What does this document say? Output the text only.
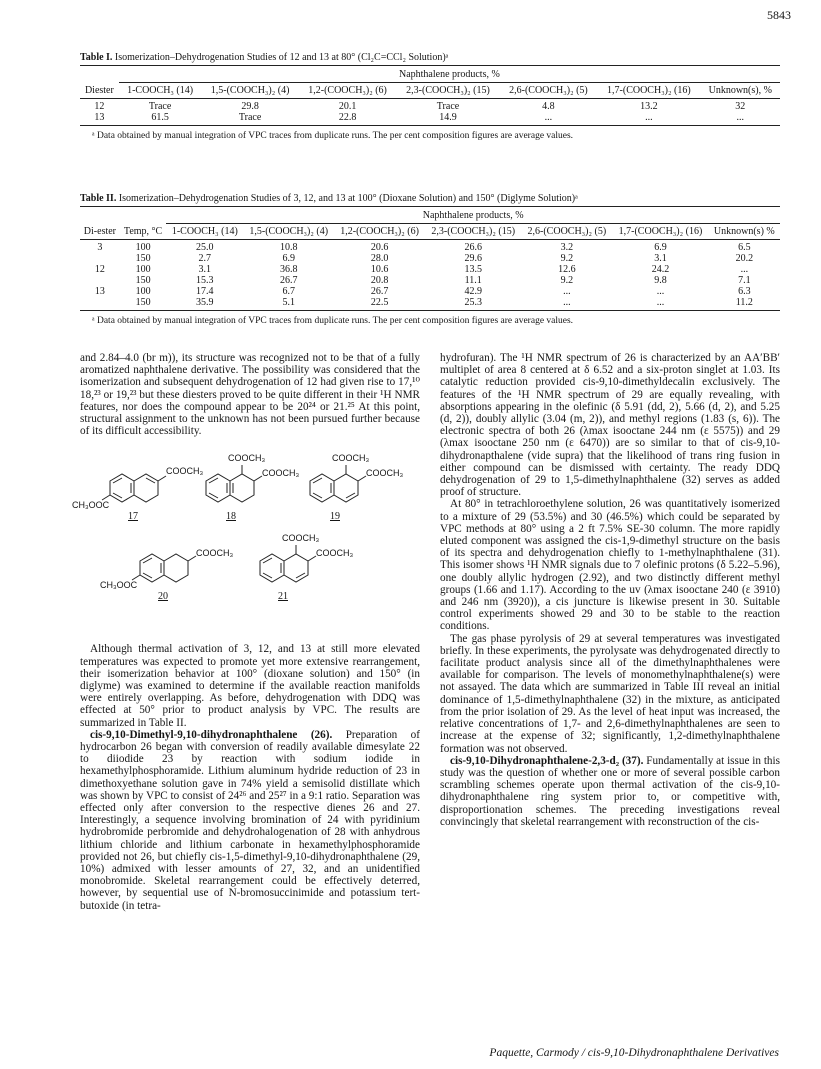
5843
Table I. Isomerization–Dehydrogenation Studies of 12 and 13 at 80° (Cl₂C=CCl₂ Solution)ᵃ
	Naphthalene products, %						
Diester	1-COOCH₃ (14)	1,5-(COOCH₃)₂ (4)	1,2-(COOCH₃)₂ (6)	2,3-(COOCH₃)₂ (15)	2,6-(COOCH₃)₂ (5)	1,7-(COOCH₃)₂ (16)	Unknown(s), %
12	Trace	29.8	20.1	Trace	4.8	13.2	32
13	61.5	Trace	22.8	14.9	...	...	...
ᵃ Data obtained by manual integration of VPC traces from duplicate runs. The per cent composition figures are average values.
Table II. Isomerization–Dehydrogenation Studies of 3, 12, and 13 at 100° (Dioxane Solution) and 150° (Diglyme Solution)ᵃ
		Naphthalene products, %						
Di-ester	Temp, °C	1-COOCH₃ (14)	1,5-(COOCH₃)₂ (4)	1,2-(COOCH₃)₂ (6)	2,3-(COOCH₃)₂ (15)	2,6-(COOCH₃)₂ (5)	1,7-(COOCH₃)₂ (16)	Unknown(s) %
3	100	25.0	10.8	20.6	26.6	3.2	6.9	6.5
	150	2.7	6.9	28.0	29.6	9.2	3.1	20.2
12	100	3.1	36.8	10.6	13.5	12.6	24.2	...
	150	15.3	26.7	20.8	11.1	9.2	9.8	7.1
13	100	17.4	6.7	26.7	42.9	...	...	6.3
	150	35.9	5.1	22.5	25.3	...	...	11.2
ᵃ Data obtained by manual integration of VPC traces from duplicate runs. The per cent composition figures are average values.

and 2.84–4.0 (br m)), its structure was recognized not to be that of a fully aromatized naphthalene derivative. The possibility was considered that the isomerization and subsequent dehydrogenation of 12 had given rise to 17,¹⁰ 18,²³ or 19,²³ but these diesters proved to be quite different in their ¹H NMR features, nor does the compound appear to be 20²⁴ or 21.²⁵ At this point, structural assignment to the unknown has not been pursued further because of its difficult accessibility.

COOCH₃
CH₃OOC
COOCH₃
COOCH₃
COOCH₃
COOCH₃
COOCH₃
CH₃OOC
COOCH₃
COOCH₃
17	18	19
20	21

Although thermal activation of 3, 12, and 13 at still more elevated temperatures was expected to promote yet more extensive rearrangement, their isomerization behavior at 100° (dioxane solution) and 150° (in diglyme) was examined to determine if the available reaction manifolds were entirely overlapping. As before, dehydrogenation with DDQ was effected at 50° prior to product analysis by VPC. The results are summarized in Table II.

cis-9,10-Dimethyl-9,10-dihydronaphthalene (26). Preparation of hydrocarbon 26 began with conversion of readily available dimesylate 22 to diiodide 23 by reaction with sodium iodide in hexamethylphosphoramide. Lithium aluminum hydride reduction of 23 in dimethoxyethane solution gave in 74% yield a semisolid distillate which was shown by VPC to consist of 24²⁶ and 25²⁷ in a 9:1 ratio. Separation was effected only after conversion to the respective dienes 26 and 27. Interestingly, a sequence involving bromination of 24 with pyridinium hydrobromide perbromide and dehydrohalogenation of 28 with anhydrous lithium chloride and lithium carbonate in hexamethylphosphoramide provided not 26, but chiefly cis-1,5-dimethyl-9,10-dihydronaphthalene (29, 10%) admixed with lesser amounts of 27, 32, and an unidentified monobromide. Skeletal rearrangement could be effectively deterred, however, by sequential use of N-bromosuccinimide and potassium tert-butoxide (in tetra-

hydrofuran). The ¹H NMR spectrum of 26 is characterized by an AA′BB′ multiplet of area 8 centered at δ 6.52 and a six-proton singlet at 1.03. Its catalytic reduction provided cis-9,10-dimethyldecalin exclusively. The features of the ¹H NMR spectrum of 29 are equally revealing, with absorptions appearing in the olefinic (δ 5.91 (dd, 2), 5.66 (d, 2), and 5.25 (d, 2)), doubly allylic (3.04 (m, 2)), and methyl regions (1.83 (s, 6)). The electronic spectra of both 26 (λmax isooctane 244 nm (ε 5575)) and 29 (λmax isooctane 250 nm (ε 6470)) are so similar to that of cis-9,10-dihydronapthalene (vide supra) that the likelihood of trans ring fusion in either compound can be dismissed with certainty. The ready DDQ dehydrogenation of 29 to 1,5-dimethylnaphthalene (32) serves as added proof of structure.

At 80° in tetrachloroethylene solution, 26 was quantitatively isomerized to a mixture of 29 (53.5%) and 30 (46.5%) which could be separated by VPC methods at 80° using a 2 ft 7.5% SE-30 column. The more rapidly eluted component was assigned the cis-1,9-dimethyl structure on the basis of its spectra and dehydrogenation chiefly to 1-methylnaphthalene (31). This isomer shows ¹H NMR signals due to 7 olefinic protons (δ 5.22–5.96), one doubly allylic hydrogen (2.92), and two distinctly different methyl groups (1.66 and 1.17). According to the uv (λmax isooctane 240 (ε 3910) and 246 nm (3920)), a cis juncture is likewise present in 30. Suitable control experiments showed 29 and 30 to be stable to the reaction conditions.

The gas phase pyrolysis of 29 at several temperatures was investigated briefly. In these experiments, the pyrolysate was dehydrogenated directly to facilitate product analysis since all of the dimethylnaphthalenes were available for comparison. The levels of monomethylnaphthalene(s) were not assayed. The data which are summarized in Table III reveal an initial dominance of 1,5-dimethylnaphthalene (32) in the mixture, as anticipated from the prior isolation of 29. As the level of heat input was increased, the relative concentrations of 1,7- and 2,6-dimethylnaphthalenes are seen to increase at the expense of 32; significantly, 1,2-dimethylnaphthalene formation was not observed.

cis-9,10-Dihydronaphthalene-2,3-d₂ (37). Fundamentally at issue in this study was the question of whether one or more of several possible carbon scrambling schemes operate upon thermal activation of the cis-9,10-dihydronaphthalene ring system prior to, or competitive with, disproportionation schemes. The preceding investigations reveal convincingly that skeletal rearrangement with reconstruction of the cis-

Paquette, Carmody / cis-9,10-Dihydronaphthalene Derivatives
